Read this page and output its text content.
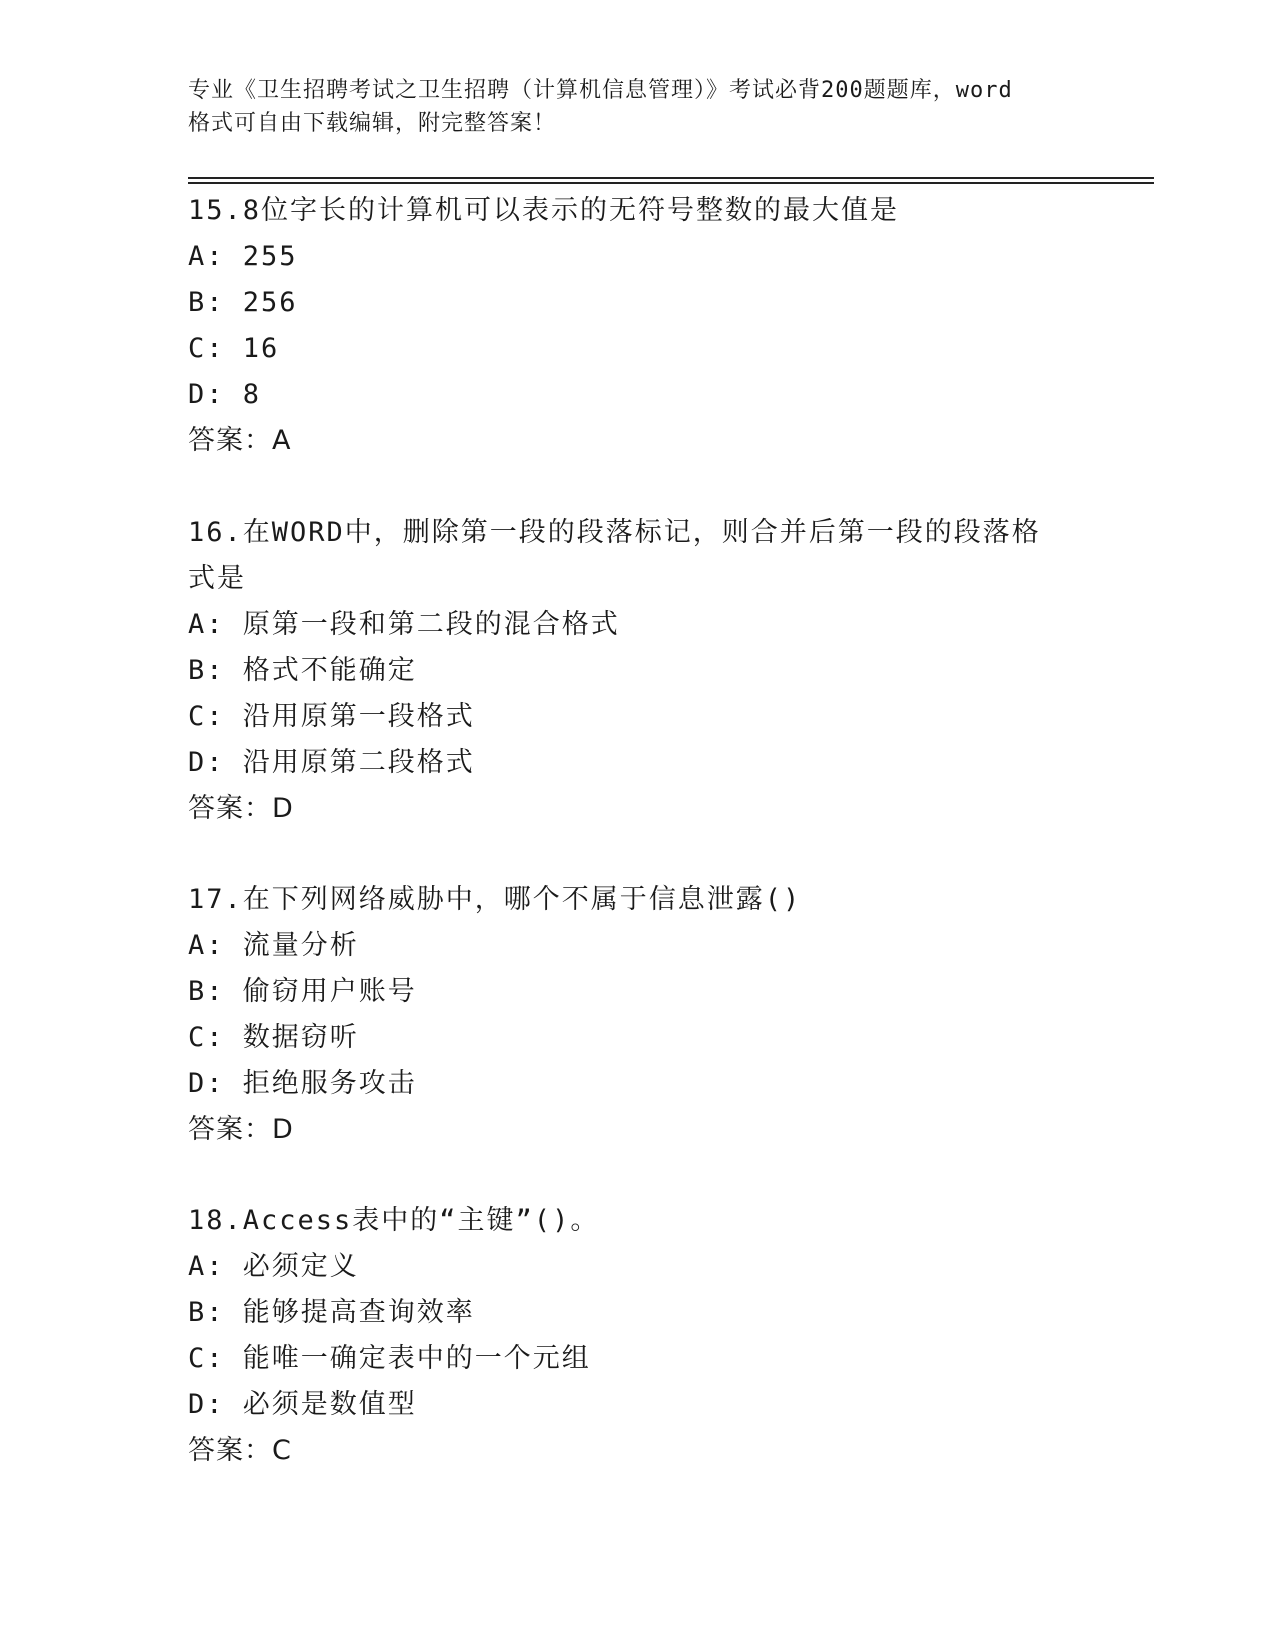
专业《卫生招聘考试之卫生招聘（计算机信息管理）》考试必背200题题库，word
格式可自由下载编辑，附完整答案！
15.8位字长的计算机可以表示的无符号整数的最大值是
A: 255
B: 256
C: 16
D: 8
答案：A
16.在WORD中，删除第一段的段落标记，则合并后第一段的段落格式是
A: 原第一段和第二段的混合格式
B: 格式不能确定
C: 沿用原第一段格式
D: 沿用原第二段格式
答案：D
17.在下列网络威胁中，哪个不属于信息泄露()
A: 流量分析
B: 偷窃用户账号
C: 数据窃听
D: 拒绝服务攻击
答案：D
18.Access表中的“主键”()。
A: 必须定义
B: 能够提高查询效率
C: 能唯一确定表中的一个元组
D: 必须是数值型
答案：C
